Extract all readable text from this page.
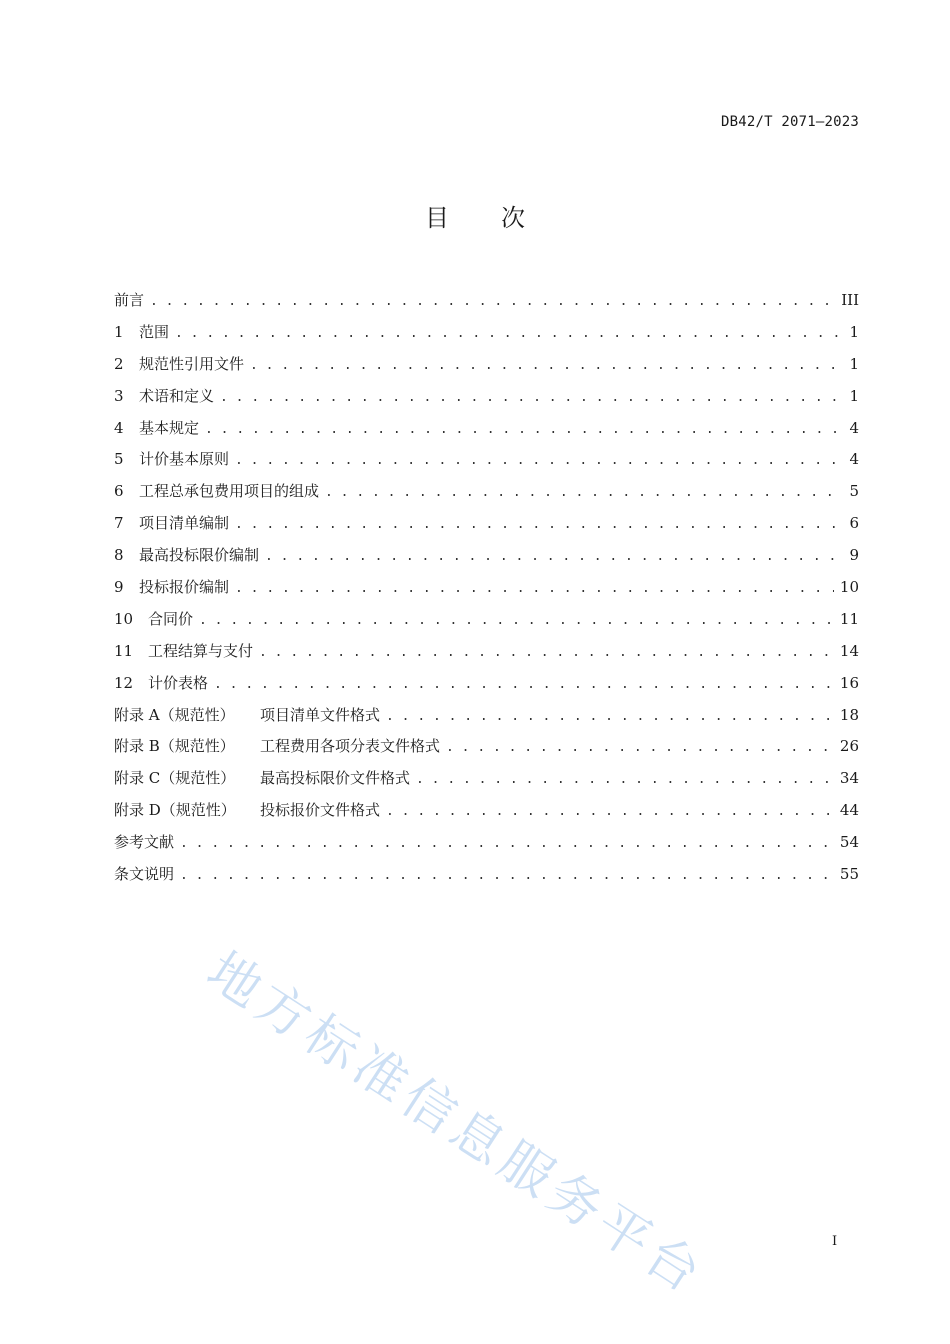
DB42/T 2071—2023
目 次
前言 . . .	III
1	范围 . . .	1
2	规范性引用文件 . . .	1
3	术语和定义 . . .	1
4	基本规定 . . .	4
5	计价基本原则 . . .	4
6	工程总承包费用项目的组成 . . .	5
7	项目清单编制 . . .	6
8	最高投标限价编制 . . .	9
9	投标报价编制 . . .	10
10 合同价 . . .	11
11 工程结算与支付 . . .	14
12 计价表格 . . .	16
附录 A（规范性）	项目清单文件格式 . . .	18
附录 B（规范性）	工程费用各项分表文件格式 . . .	26
附录 C（规范性）	最高投标限价文件格式 . . .	34
附录 D（规范性）	投标报价文件格式 . . .	44
参考文献 . . .	54
条文说明 . . .	55
地方标准信息服务平台	I
